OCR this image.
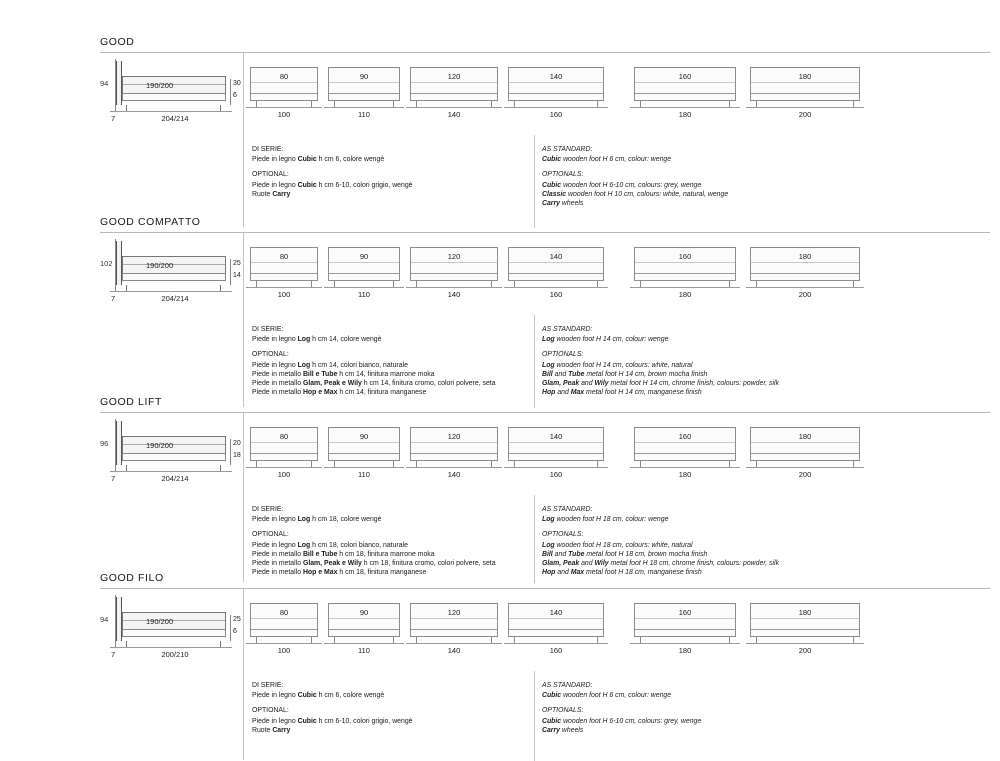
GOOD
94	190/200
204/214
7
30
6
80
100
90
110
120
140
140
160
160
180
180
200
DI SERIE:
Piede in legno Cubic h cm 6, colore wengè
OPTIONAL:
Piede in legno Cubic h cm 6-10, colori grigio, wengè
Ruote Carry
AS STANDARD:
Cubic wooden foot H 6 cm, colour: wenge
OPTIONALS:
Cubic wooden foot H 6-10 cm, colours: grey, wenge
Classic wooden foot H 10 cm, colours: white, natural, wenge
Carry wheels
GOOD COMPATTO
102	190/200
204/214
7
25
14
80
100
90
110
120
140
140
160
160
180
180
200
DI SERIE:
Piede in legno Log h cm 14, colore wengè
OPTIONAL:
Piede in legno Log h cm 14, colori bianco, naturale
Piede in metallo Bill e Tube h cm 14, finitura marrone moka
Piede in metallo Glam, Peak e Wily h cm 14, finitura cromo, colori polvere, seta
Piede in metallo Hop e Max h cm 14, finitura manganese
AS STANDARD:
Log wooden foot H 14 cm, colour: wenge
OPTIONALS:
Log wooden foot H 14 cm, colours: white, natural
Bill and Tube metal foot H 14 cm, brown mocha finish
Glam, Peak and Wily metal foot H 14 cm, chrome finish, colours: powder, silk
Hop and Max metal foot H 14 cm, manganese finish
GOOD LIFT
96	190/200
204/214
7
20
18
80
100
90
110
120
140
140
160
160
180
180
200
DI SERIE:
Piede in legno Log h cm 18, colore wengè
OPTIONAL:
Piede in legno Log h cm 18, colori bianco, naturale
Piede in metallo Bill e Tube h cm 18, finitura marrone moka
Piede in metallo Glam, Peak e Wily h cm 18, finitura cromo, colori polvere, seta
Piede in metallo Hop e Max h cm 18, finitura manganese
AS STANDARD:
Log wooden foot H 18 cm, colour: wenge
OPTIONALS:
Log wooden foot H 18 cm, colours: white, natural
Bill and Tube metal foot H 18 cm, brown mocha finish
Glam, Peak and Wily metal foot H 18 cm, chrome finish, colours: powder, silk
Hop and Max metal foot H 18 cm, manganese finish
GOOD FILO
94	190/200
200/210
7
25
6
80
100
90
110
120
140
140
160
160
180
180
200
DI SERIE:
Piede in legno Cubic h cm 6, colore wengè
OPTIONAL:
Piede in legno Cubic h cm 6-10, colori grigio, wengè
Ruote Carry
AS STANDARD:
Cubic wooden foot H 6 cm, colour: wenge
OPTIONALS:
Cubic wooden foot H 6-10 cm, colours: grey, wenge
Carry wheels
